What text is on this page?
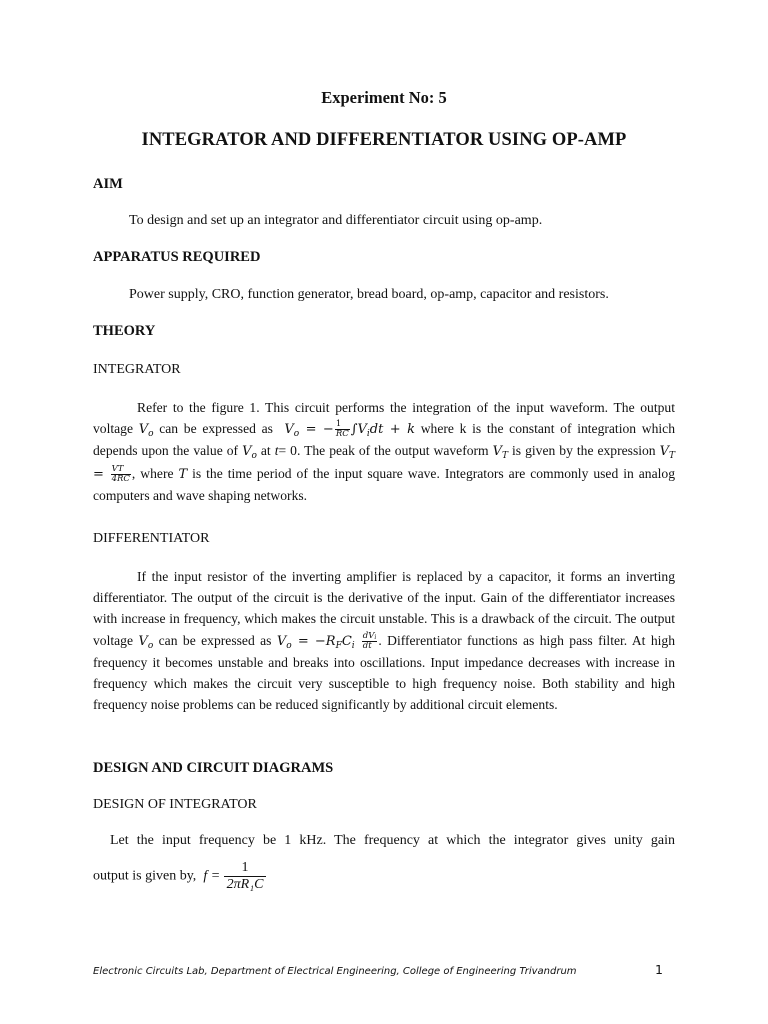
Experiment No: 5
INTEGRATOR AND DIFFERENTIATOR USING OP-AMP
AIM
To design and set up an integrator and differentiator circuit using op-amp.
APPARATUS REQUIRED
Power supply, CRO, function generator, bread board, op-amp, capacitor and resistors.
THEORY
INTEGRATOR
Refer to the figure 1. This circuit performs the integration of the input waveform. The output voltage $V_o$ can be expressed as $V_o$ = − $\frac{1}{RC} \int V_idt + k$ where k is the constant of integration which depends upon the value of $V_o$ at t= 0. The peak of the output waveform $V_T$ is given by the expression $V_T = \frac{VT}{4RC}$ , where T is the time period of the input square wave. Integrators are commonly used in analog computers and wave shaping networks.
DIFFERENTIATOR
If the input resistor of the inverting amplifier is replaced by a capacitor, it forms an inverting differentiator. The output of the circuit is the derivative of the input. Gain of the differentiator increases with increase in frequency, which makes the circuit unstable. This is a drawback of the circuit. The output voltage $V_o$ can be expressed as $V_o = -R_FC_i \frac{dV_i}{dt}$ . Differentiator functions as high pass filter. At high frequency it becomes unstable and breaks into oscillations. Input impedance decreases with increase in frequency which makes the circuit very susceptible to high frequency noise. Both stability and high frequency noise problems can be reduced significantly by additional circuit elements.
DESIGN AND CIRCUIT DIAGRAMS
DESIGN OF INTEGRATOR
Let the input frequency be 1 kHz. The frequency at which the integrator gives unity gain
output is given by, $f = \frac{1}{\text{2πR₁C}}$
Electronic Circuits Lab, Department of Electrical Engineering, College of Engineering Trivandrum	1
